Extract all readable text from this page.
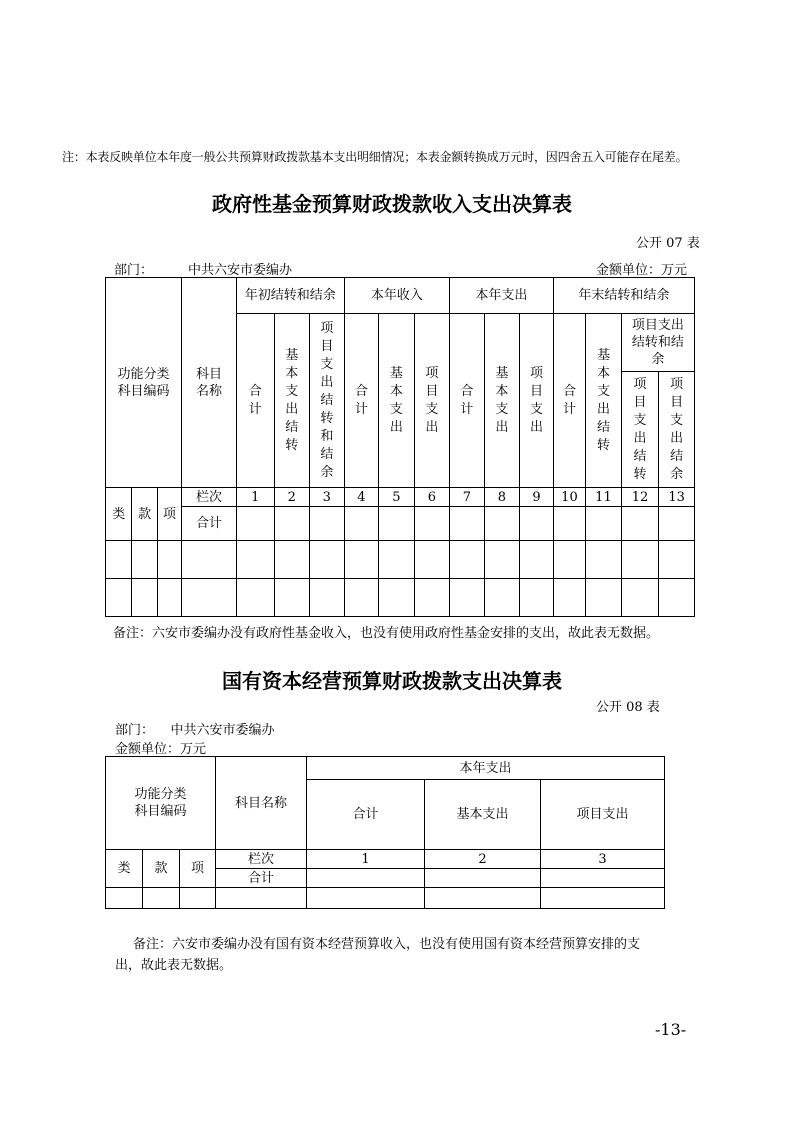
注：本表反映单位本年度一般公共预算财政拨款基本支出明细情况；本表金额转换成万元时，因四舍五入可能存在尾差。
政府性基金预算财政拨款收入支出决算表
公开 07 表
部门：	中共六安市委编办	金额单位：万元
功能分类科目编码			科目名称	年初结转和结余			本年收入			本年支出			年末结转和结余			
				合计	基本支出结转	项目支出结转和结余	合计	基本支出	项目支出	合计	基本支出	项目支出	合计	基本支出结转	项目支出结转和结余	
															项目支出结转	项目支出结余
类	款	项	栏次	1	2	3	4	5	6	7	8	9	10	11	12	13
			合计													

备注：六安市委编办没有政府性基金收入，也没有使用政府性基金安排的支出，故此表无数据。
国有资本经营预算财政拨款支出决算表
公开 08 表
部门：    中共六安市委编办
金额单位：万元
功能分类科目编码			科目名称	本年支出		
				合计	基本支出	项目支出
类	款	项	栏次	1	2	3
			合计			

备注：六安市委编办没有国有资本经营预算收入，也没有使用国有资本经营预算安排的支
出，故此表无数据。
-13-
